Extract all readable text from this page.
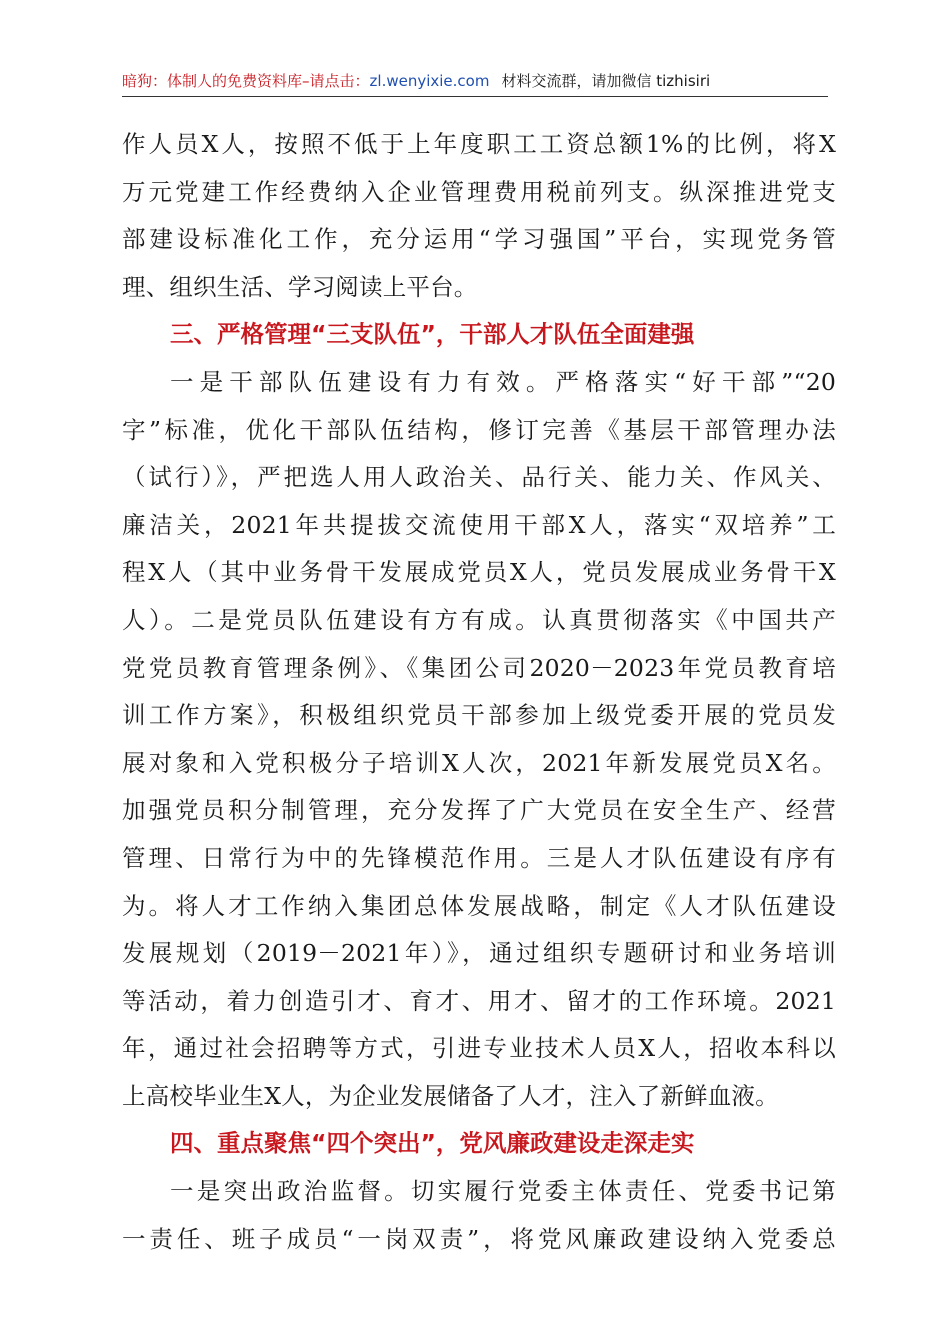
暗狗：体制人的免费资料库–请点击：zl.wenyixie.com 材料交流群，请加微信 tizhisiri
作人员X人，按照不低于上年度职工工资总额1%的比例，将X
万元党建工作经费纳入企业管理费用税前列支。纵深推进党支
部建设标准化工作，充分运用“学习强国”平台，实现党务管
理、组织生活、学习阅读上平台。
三、严格管理“三支队伍”，干部人才队伍全面建强
一是干部队伍建设有力有效。严格落实“好干部”“20
字”标准，优化干部队伍结构，修订完善《基层干部管理办法
（试行）》，严把选人用人政治关、品行关、能力关、作风关、
廉洁关，2021年共提拔交流使用干部X人，落实“双培养”工
程X人（其中业务骨干发展成党员X人，党员发展成业务骨干X
人）。二是党员队伍建设有方有成。认真贯彻落实《中国共产
党党员教育管理条例》、《集团公司2020－2023年党员教育培
训工作方案》，积极组织党员干部参加上级党委开展的党员发
展对象和入党积极分子培训X人次，2021年新发展党员X名。
加强党员积分制管理，充分发挥了广大党员在安全生产、经营
管理、日常行为中的先锋模范作用。三是人才队伍建设有序有
为。将人才工作纳入集团总体发展战略，制定《人才队伍建设
发展规划（2019－2021年）》，通过组织专题研讨和业务培训
等活动，着力创造引才、育才、用才、留才的工作环境。2021
年，通过社会招聘等方式，引进专业技术人员X人，招收本科以
上高校毕业生X人，为企业发展储备了人才，注入了新鲜血液。
四、重点聚焦“四个突出”，党风廉政建设走深走实
一是突出政治监督。切实履行党委主体责任、党委书记第
一责任、班子成员“一岗双责”，将党风廉政建设纳入党委总
